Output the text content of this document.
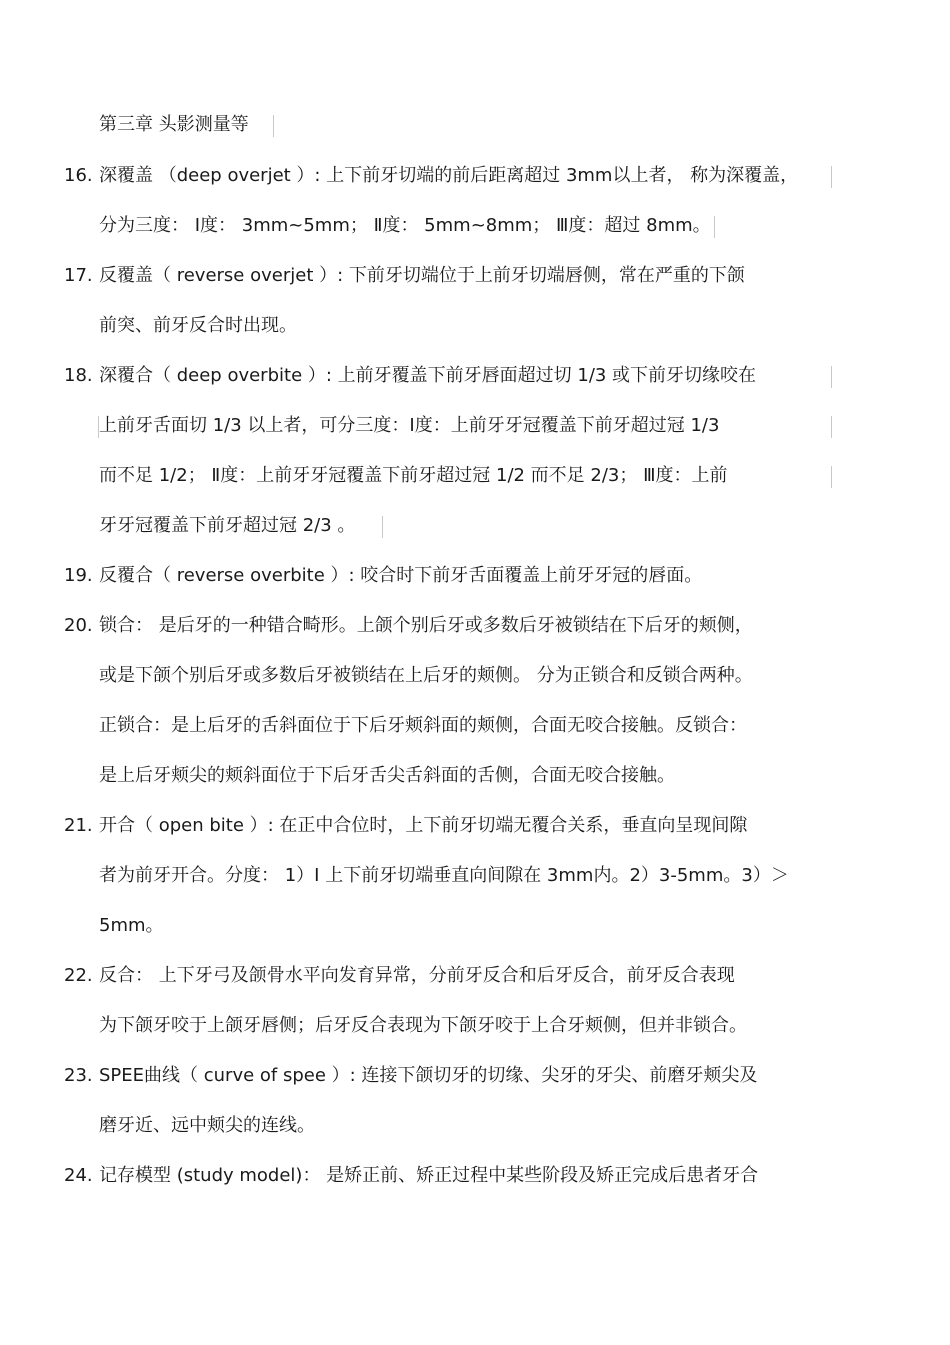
第三章 头影测量等
16. 深覆盖 （deep overjet ）: 上下前牙切端的前后距离超过 3mm以上者， 称为深覆盖，
分为三度： Ⅰ度： 3mm~5mm； Ⅱ度： 5mm~8mm； Ⅲ度：超过 8mm。
17. 反覆盖（ reverse overjet ）: 下前牙切端位于上前牙切端唇侧，常在严重的下颌
前突、前牙反合时出现。
18. 深覆合（ deep overbite ）: 上前牙覆盖下前牙唇面超过切 1/3 或下前牙切缘咬在
上前牙舌面切 1/3 以上者，可分三度：Ⅰ度：上前牙牙冠覆盖下前牙超过冠 1/3
而不足 1/2； Ⅱ度：上前牙牙冠覆盖下前牙超过冠 1/2 而不足 2/3； Ⅲ度：上前
牙牙冠覆盖下前牙超过冠 2/3 。
19. 反覆合（ reverse overbite ）: 咬合时下前牙舌面覆盖上前牙牙冠的唇面。
20. 锁合： 是后牙的一种错合畸形。上颌个别后牙或多数后牙被锁结在下后牙的颊侧，
或是下颌个别后牙或多数后牙被锁结在上后牙的颊侧。 分为正锁合和反锁合两种。
正锁合：是上后牙的舌斜面位于下后牙颊斜面的颊侧，合面无咬合接触。反锁合：
是上后牙颊尖的颊斜面位于下后牙舌尖舌斜面的舌侧，合面无咬合接触。
21. 开合（ open bite ）: 在正中合位时，上下前牙切端无覆合关系，垂直向呈现间隙
者为前牙开合。分度： 1）Ⅰ 上下前牙切端垂直向间隙在 3mm内。2）3-5mm。3）＞
5mm。
22. 反合： 上下牙弓及颌骨水平向发育异常，分前牙反合和后牙反合，前牙反合表现
为下颌牙咬于上颌牙唇侧；后牙反合表现为下颌牙咬于上合牙颊侧，但并非锁合。
23. SPEE曲线（ curve of spee ）: 连接下颌切牙的切缘、尖牙的牙尖、前磨牙颊尖及
磨牙近、远中颊尖的连线。
24. 记存模型 (study model)： 是矫正前、矫正过程中某些阶段及矫正完成后患者牙合
